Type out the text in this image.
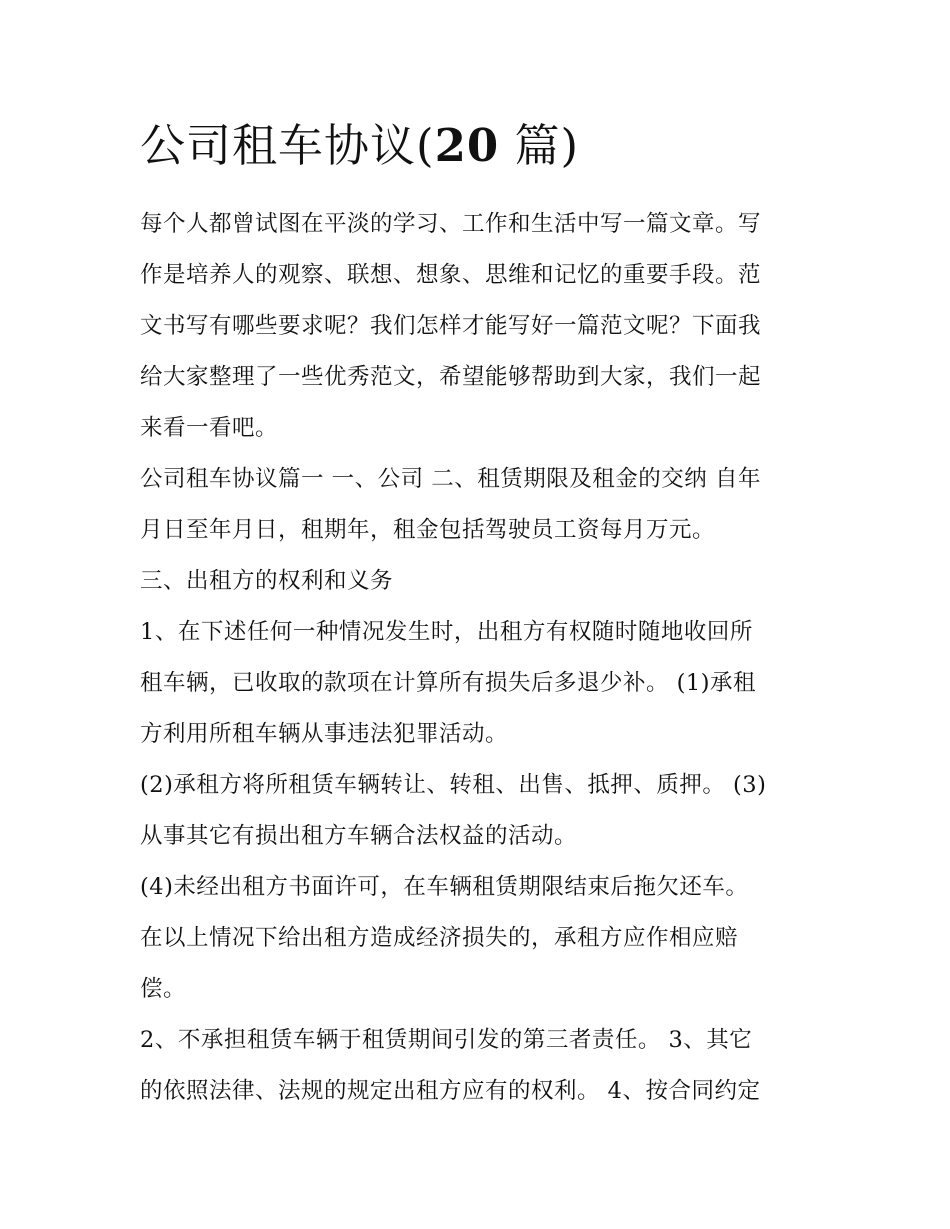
公司租车协议(20 篇)

每个人都曾试图在平淡的学习、工作和生活中写一篇文章。写
作是培养人的观察、联想、想象、思维和记忆的重要手段。范
文书写有哪些要求呢？我们怎样才能写好一篇范文呢？下面我
给大家整理了一些优秀范文，希望能够帮助到大家，我们一起
来看一看吧。

公司租车协议篇一 一、公司 二、租赁期限及租金的交纳 自年
月日至年月日，租期年，租金包括驾驶员工资每月万元。

三、出租方的权利和义务

1、在下述任何一种情况发生时，出租方有权随时随地收回所
租车辆，已收取的款项在计算所有损失后多退少补。 (1)承租
方利用所租车辆从事违法犯罪活动。

(2)承租方将所租赁车辆转让、转租、出售、抵押、质押。 (3)
从事其它有损出租方车辆合法权益的活动。

(4)未经出租方书面许可，在车辆租赁期限结束后拖欠还车。
在以上情况下给出租方造成经济损失的，承租方应作相应赔
偿。

2、不承担租赁车辆于租赁期间引发的第三者责任。 3、其它
的依照法律、法规的规定出租方应有的权利。 4、按合同约定
